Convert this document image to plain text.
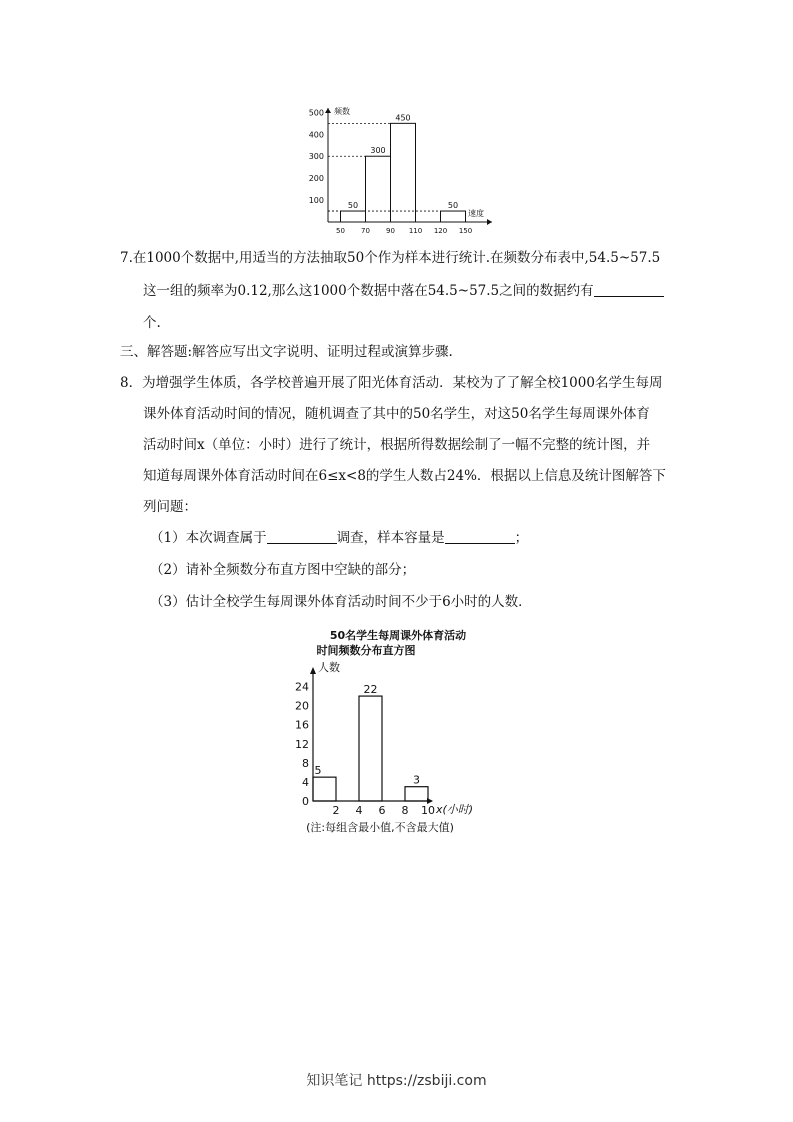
频数
速度
100
200
300
400
500
50 70 90 110 120 150
50
300
450
50
7.在1000个数据中,用适当的方法抽取50个作为样本进行统计.在频数分布表中,54.5~57.5
这一组的频率为0.12,那么这1000个数据中落在54.5~57.5之间的数据约有
个.
三、解答题:解答应写出文字说明、证明过程或演算步骤.
8．为增强学生体质，各学校普遍开展了阳光体育活动．某校为了了解全校1000名学生每周
课外体育活动时间的情况，随机调查了其中的50名学生，对这50名学生每周课外体育
活动时间x（单位：小时）进行了统计，根据所得数据绘制了一幅不完整的统计图，并
知道每周课外体育活动时间在6≤x<8的学生人数占24%．根据以上信息及统计图解答下
列问题：
（1）本次调查属于	调查，样本容量是	；
（2）请补全频数分布直方图中空缺的部分；
（3）估计全校学生每周课外体育活动时间不少于6小时的人数．
50名学生每周课外体育活动
时间频数分布直方图
人数
x(小时)
0
4
8
12
16
20
24
2 4 6 8 10
5
22
3
(注:每组含最小值,不含最大值)
知识笔记 https://zsbiji.com
